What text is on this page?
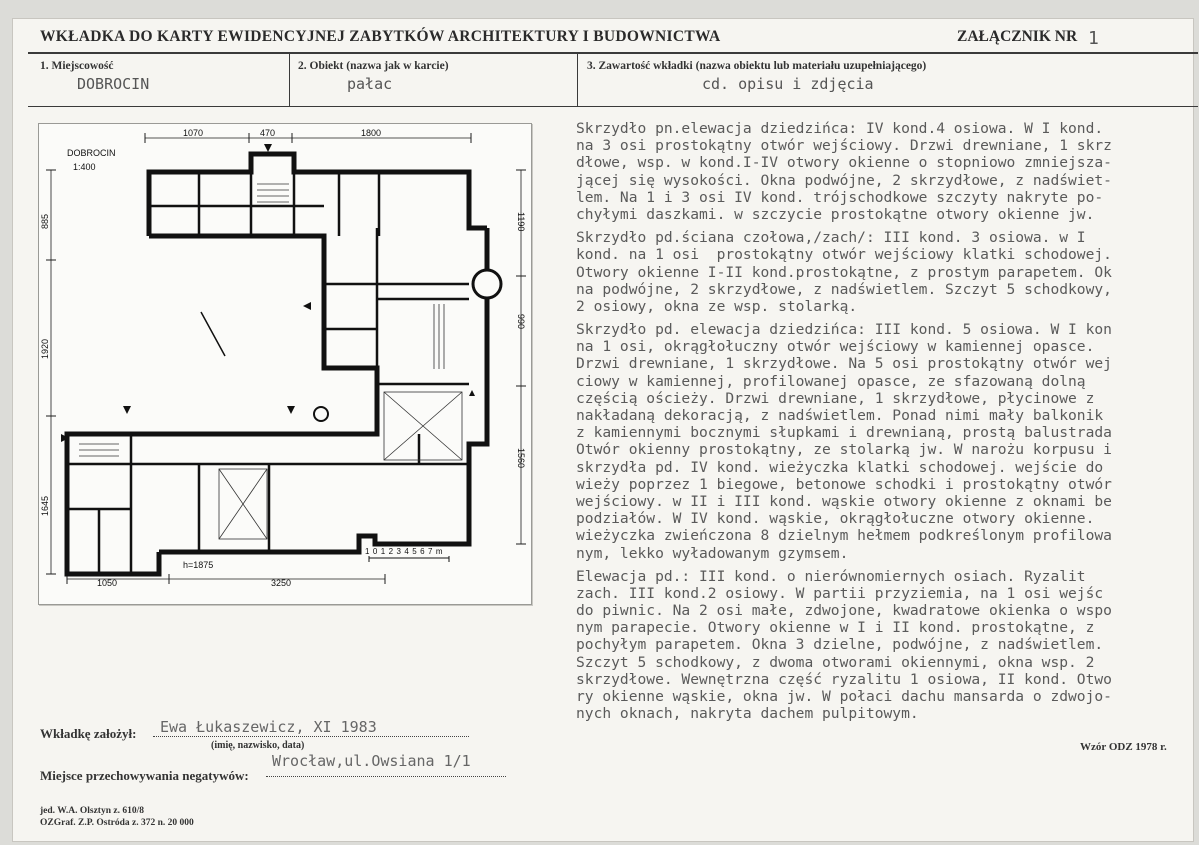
WKŁADKA DO KARTY EWIDENCYJNEJ ZABYTKÓW ARCHITEKTURY I BUDOWNICTWA	ZAŁĄCZNIK NR 1
1. Miejscowość
DOBROCIN
2. Obiekt (nazwa jak w karcie)
pałac
3. Zawartość wkładki (nazwa obiektu lub materiału uzupełniającego)
cd. opisu i zdjęcia
DOBROCIN
1:400
1070	470	1800
1050	3250
885
1920
1645
1190
990
1560
h=1875
1 0 1 2 3 4 5 6 7 m
Skrzydło pn.elewacja dziedzińca: IV kond.4 osiowa. W I kond.
na 3 osi prostokątny otwór wejściowy. Drzwi drewniane, 1 skrz
dłowe, wsp. w kond.I-IV otwory okienne o stopniowo zmniejsza-
jącej się wysokości. Okna podwójne, 2 skrzydłowe, z nadświet-
lem. Na 1 i 3 osi IV kond. trójschodkowe szczyty nakryte po-
chyłymi daszkami. w szczycie prostokątne otwory okienne jw.
Skrzydło pd.ściana czołowa,/zach/: III kond. 3 osiowa. w I
kond. na 1 osi  prostokątny otwór wejściowy klatki schodowej.
Otwory okienne I-II kond.prostokątne, z prostym parapetem. Ok
na podwójne, 2 skrzydłowe, z nadświetlem. Szczyt 5 schodkowy,
2 osiowy, okna ze wsp. stolarką.
Skrzydło pd. elewacja dziedzińca: III kond. 5 osiowa. W I kon
na 1 osi, okrągłołuczny otwór wejściowy w kamiennej opasce.
Drzwi drewniane, 1 skrzydłowe. Na 5 osi prostokątny otwór wej
ciowy w kamiennej, profilowanej opasce, ze sfazowaną dolną
częścią ościeży. Drzwi drewniane, 1 skrzydłowe, płycinowe z
nakładaną dekoracją, z nadświetlem. Ponad nimi mały balkonik
z kamiennymi bocznymi słupkami i drewnianą, prostą balustrada
Otwór okienny prostokątny, ze stolarką jw. W narożu korpusu i
skrzydła pd. IV kond. wieżyczka klatki schodowej. wejście do
wieży poprzez 1 biegowe, betonowe schodki i prostokątny otwór
wejściowy. w II i III kond. wąskie otwory okienne z oknami be
podziałów. W IV kond. wąskie, okrągłołuczne otwory okienne.
wieżyczka zwieńczona 8 dzielnym hełmem podkreślonym profilowa
nym, lekko wyładowanym gzymsem.
Elewacja pd.: III kond. o nierównomiernych osiach. Ryzalit
zach. III kond.2 osiowy. W partii przyziemia, na 1 osi wejśc
do piwnic. Na 2 osi małe, zdwojone, kwadratowe okienka o wspo
nym parapecie. Otwory okienne w I i II kond. prostokątne, z
pochyłym parapetem. Okna 3 dzielne, podwójne, z nadświetlem.
Szczyt 5 schodkowy, z dwoma otworami okiennymi, okna wsp. 2
skrzydłowe. Wewnętrzna część ryzalitu 1 osiowa, II kond. Otwo
ry okienne wąskie, okna jw. W połaci dachu mansarda o zdwojo-
nych oknach, nakryta dachem pulpitowym.
Wkładkę założył: Ewa Łukaszewicz, XI 1983
(imię, nazwisko, data)
Miejsce przechowywania negatywów:
Wrocław,ul.Owsiana 1/1
Wzór ODZ 1978 r.
jed. W.A. Olsztyn z. 610/8
OZGraf. Z.P. Ostróda z. 372 n. 20 000
